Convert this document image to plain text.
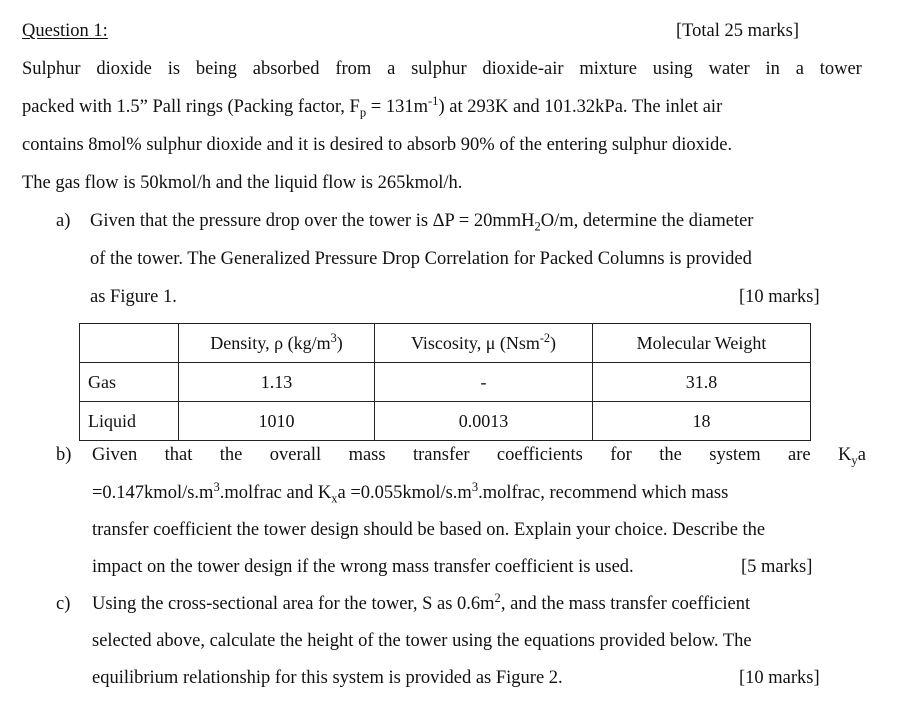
Question 1:	[Total 25 marks]
Sulphur dioxide is being absorbed from a sulphur dioxide-air mixture using water in a tower
packed with 1.5” Pall rings (Packing factor, $F_p = 131m^{-1}$) at 293K and 101.32kPa. The inlet air
contains 8mol% sulphur dioxide and it is desired to absorb 90% of the entering sulphur dioxide.
The gas flow is 50kmol/h and the liquid flow is 265kmol/h.
a) Given that the pressure drop over the tower is ΔP = 20mmH$_2$O/m, determine the diameter
of the tower. The Generalized Pressure Drop Correlation for Packed Columns is provided
as Figure 1.	[10 marks]
	Density, ρ $(kg/m^3)$	Viscosity, μ (Nsm$^{-2}$)	Molecular Weight
Gas	1.13	-	31.8
Liquid	1010	0.0013	18
b) Given that the overall mass transfer coefficients for the system are $K_ya$
$=0.147kmol/s.m^3.molfrac$ and $K_xa$ $=0.055kmol/s.m^3.molfrac$, recommend which mass
transfer coefficient the tower design should be based on. Explain your choice. Describe the
impact on the tower design if the wrong mass transfer coefficient is used.	[5 marks]
c) Using the cross-sectional area for the tower, S as $0.6m^2$, and the mass transfer coefficient
selected above, calculate the height of the tower using the equations provided below. The
equilibrium relationship for this system is provided as Figure 2.	[10 marks]
